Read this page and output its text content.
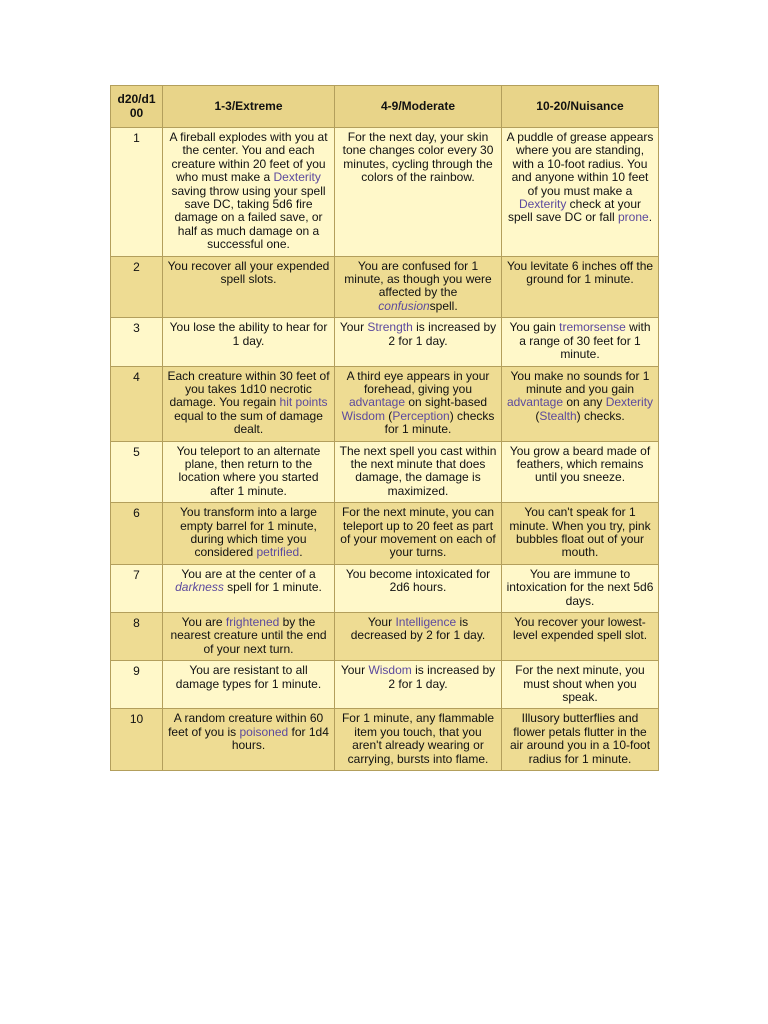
d20/d100	1-3/Extreme	4-9/Moderate	10-20/Nuisance
1	A fireball explodes with you at the center. You and each creature within 20 feet of you who must make a Dexterity saving throw using your spell save DC, taking 5d6 fire damage on a failed save, or half as much damage on a successful one.	For the next day, your skin tone changes color every 30 minutes, cycling through the colors of the rainbow.	A puddle of grease appears where you are standing, with a 10-foot radius. You and anyone within 10 feet of you must make a Dexterity check at your spell save DC or fall prone.
2	You recover all your expended spell slots.	You are confused for 1 minute, as though you were affected by the confusionspell.	You levitate 6 inches off the ground for 1 minute.
3	You lose the ability to hear for 1 day.	Your Strength is increased by 2 for 1 day.	You gain tremorsense with a range of 30 feet for 1 minute.
4	Each creature within 30 feet of you takes 1d10 necrotic damage. You regain hit points equal to the sum of damage dealt.	A third eye appears in your forehead, giving you advantage on sight-based Wisdom (Perception) checks for 1 minute.	You make no sounds for 1 minute and you gain advantage on any Dexterity (Stealth) checks.
5	You teleport to an alternate plane, then return to the location where you started after 1 minute.	The next spell you cast within the next minute that does damage, the damage is maximized.	You grow a beard made of feathers, which remains until you sneeze.
6	You transform into a large empty barrel for 1 minute, during which time you considered petrified.	For the next minute, you can teleport up to 20 feet as part of your movement on each of your turns.	You can't speak for 1 minute. When you try, pink bubbles float out of your mouth.
7	You are at the center of a darkness spell for 1 minute.	You become intoxicated for 2d6 hours.	You are immune to intoxication for the next 5d6 days.
8	You are frightened by the nearest creature until the end of your next turn.	Your Intelligence is decreased by 2 for 1 day.	You recover your lowest-level expended spell slot.
9	You are resistant to all damage types for 1 minute.	Your Wisdom is increased by 2 for 1 day.	For the next minute, you must shout when you speak.
10	A random creature within 60 feet of you is poisoned for 1d4 hours.	For 1 minute, any flammable item you touch, that you aren't already wearing or carrying, bursts into flame.	Illusory butterflies and flower petals flutter in the air around you in a 10-foot radius for 1 minute.
